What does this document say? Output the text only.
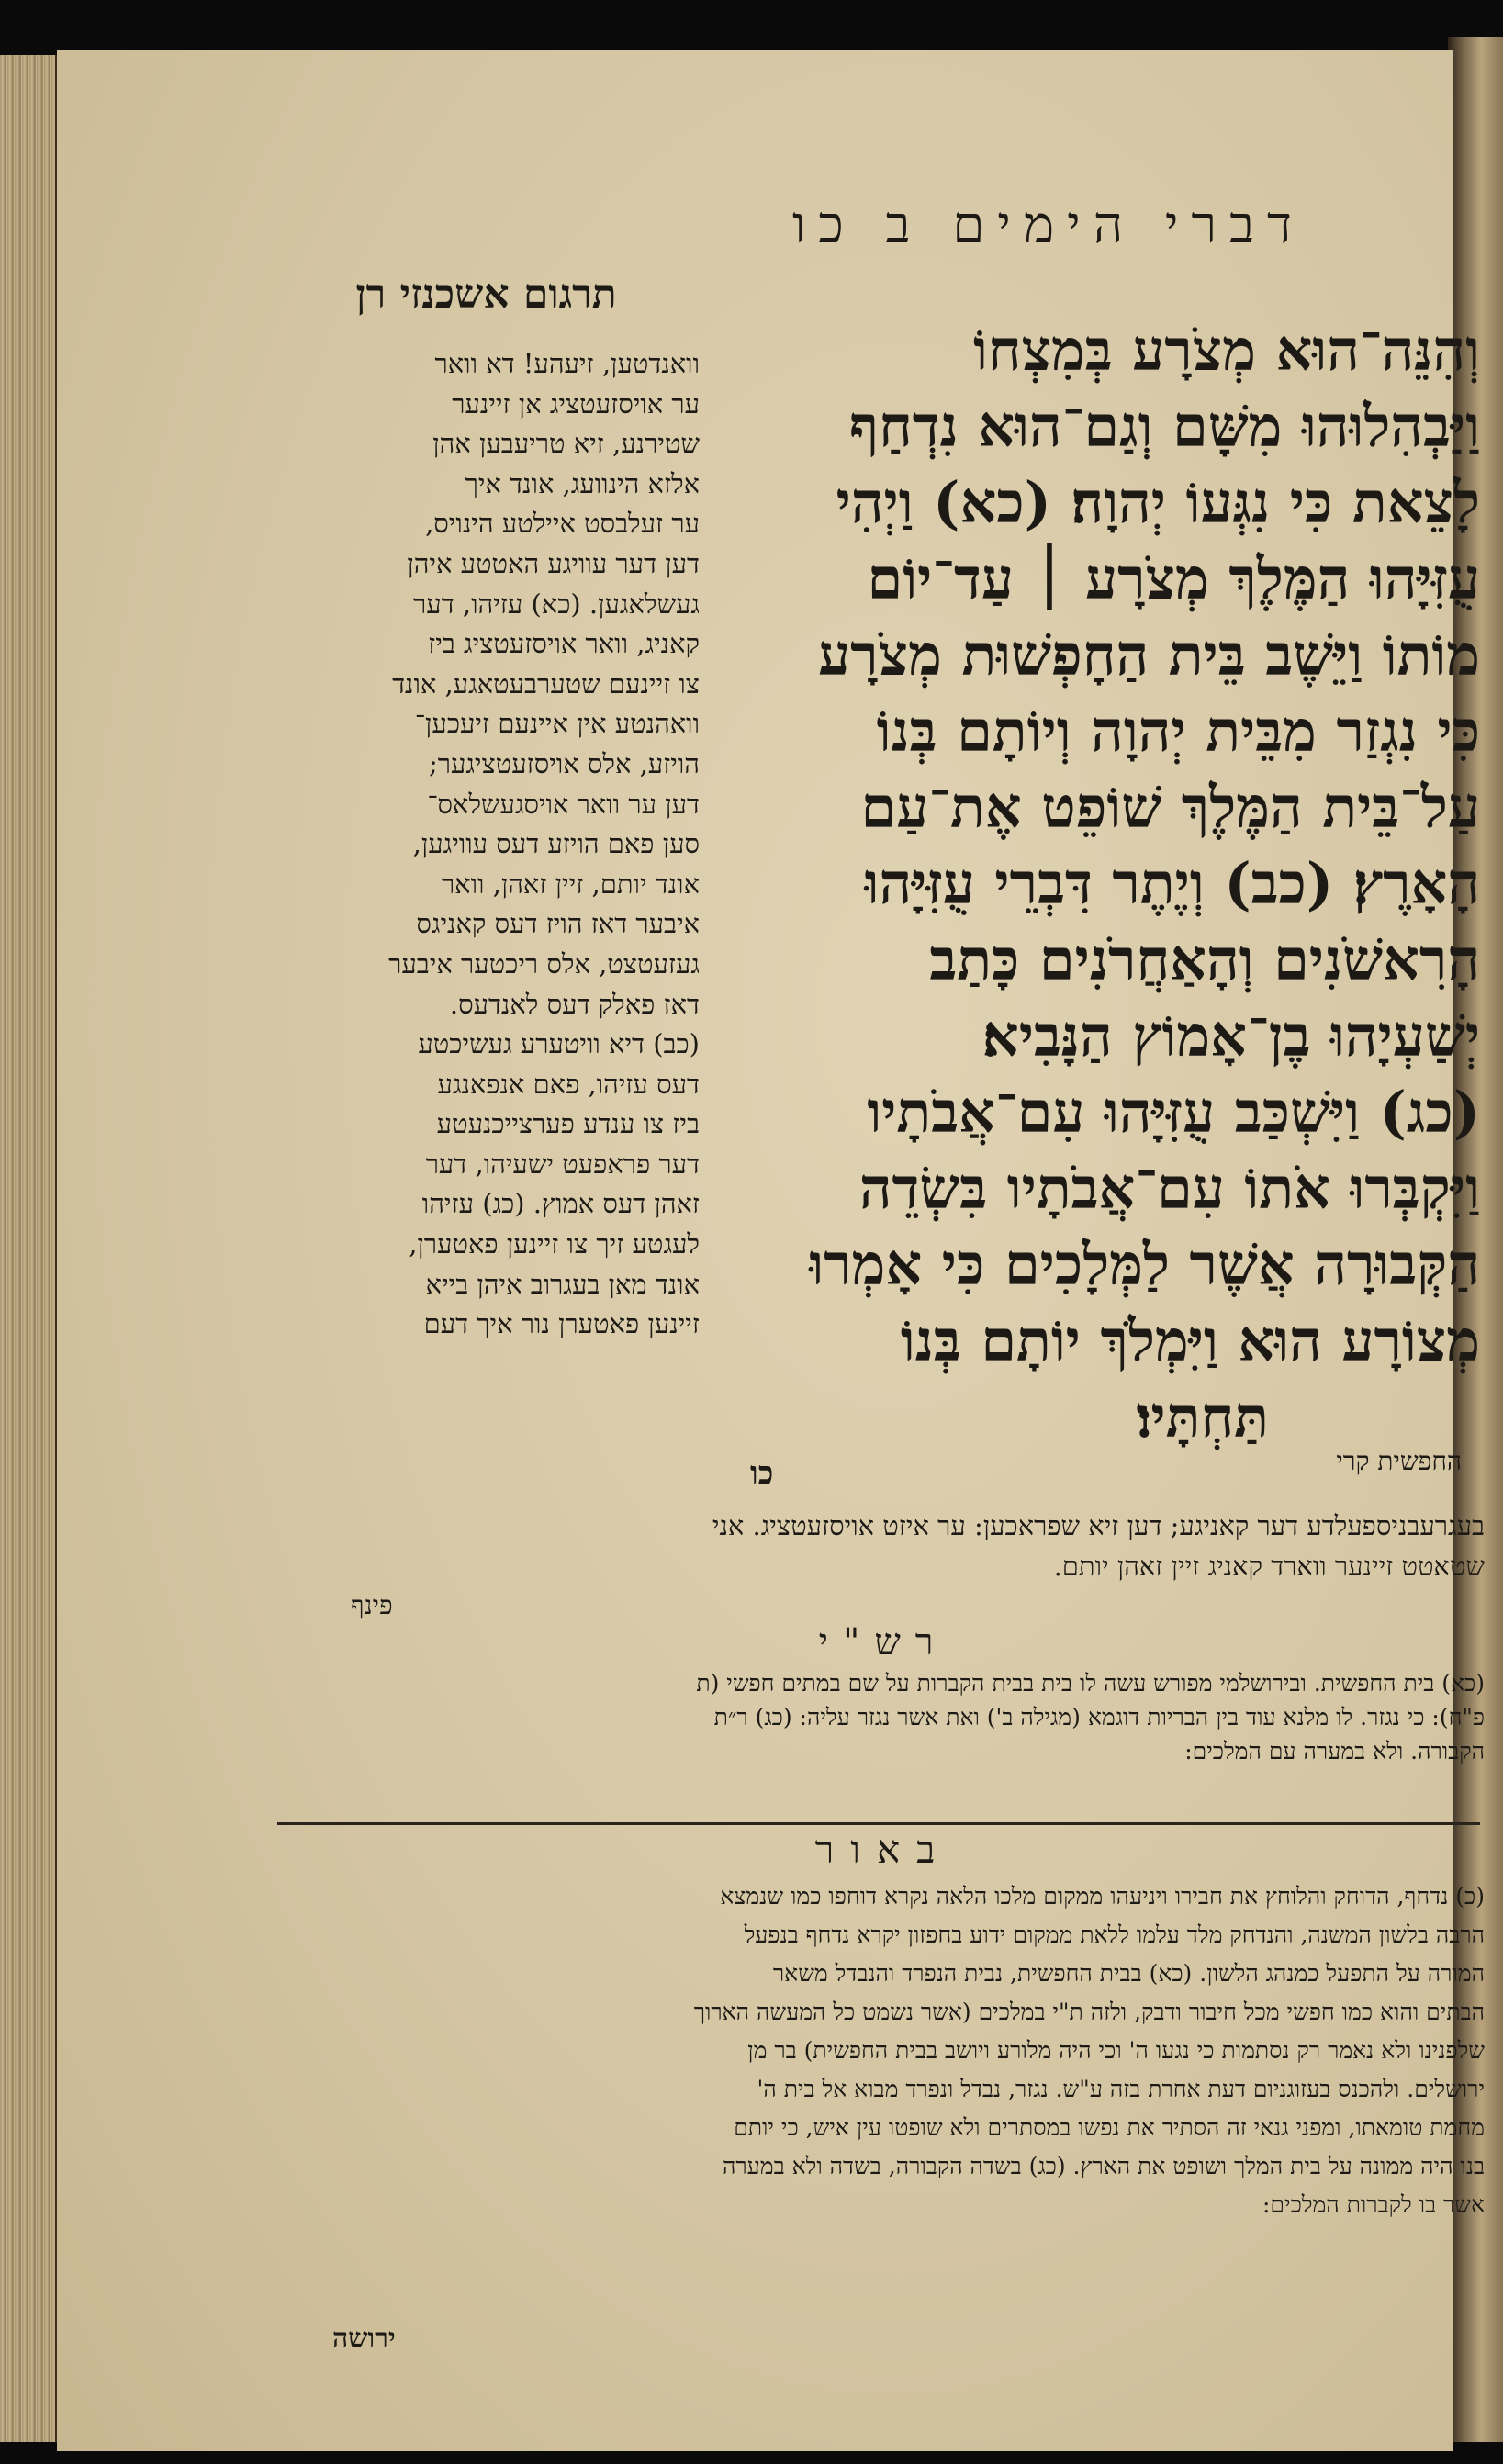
דברי הימים ב כו
תרגום אשכנזי רן
וְהִנֵּה־הוּא מְצֹרָע בְּמִצְחוֹ
וַיַּבְהִלוּהוּ מִשָּׁם וְגַם־הוּא נִדְחַף
לָצֵאת כִּי נִגְּעוֹ יְהוָה׃ (כא) וַיְהִי
עֻזִּיָּהוּ הַמֶּלֶךְ מְצֹרָע ׀ עַד־יוֹם
מוֹתוֹ וַיֵּשֶׁב בֵּית הַחָפְשׁוּת מְצֹרָע
כִּי נִגְזַר מִבֵּית יְהוָה וְיוֹתָם בְּנוֹ
עַל־בֵּית הַמֶּלֶךְ שׁוֹפֵט אֶת־עַם
הָאָרֶץ׃ (כב) וְיֶתֶר דִּבְרֵי עֻזִּיָּהוּ
הָרִאשֹׁנִים וְהָאַחֲרֹנִים כָּתַב
יְשַׁעְיָהוּ בֶן־אָמוֹץ הַנָּבִיא׃
(כג) וַיִּשְׁכַּב עֻזִּיָּהוּ עִם־אֲבֹתָיו
וַיִּקְבְּרוּ אֹתוֹ עִם־אֲבֹתָיו בִּשְׂדֵה
הַקְּבוּרָה אֲשֶׁר לַמְּלָכִים כִּי אָמְרוּ
מְצוֹרָע הוּא וַיִּמְלֹךְ יוֹתָם בְּנוֹ
תַּחְתָּיו׃
וואנדטען, זיעהע! דא וואר
ער אויסזעטציג אן זיינער
שטירנע, זיא טריעבען אהן
אלזא הינוועג, אונד איך
ער זעלבסט איילטע הינויס,
דען דער עוויגע האטטע איהן
געשלאגען. (כא) עזיהו, דער
קאניג, וואר אויסזעטציג ביז
צו זיינעם שטערבעטאגע, אונד
וואהנטע אין איינעם זיעכען־
הויזע, אלס אויסזעטציגער;
דען ער וואר אויסגעשלאס־
סען פאם הויזע דעס עוויגען,
אונד יותם, זיין זאהן, וואר
איבער דאז הויז דעס קאניגס
געזעטצט, אלס ריכטער איבער
דאז פאלק דעס לאנדעס.
(כב) דיא וויטערע געשיכטע
דעס עזיהו, פאם אנפאנגע
ביז צו ענדע פערצייכנעטע
דער פראפעט ישעיהו, דער
זאהן דעס אמוץ. (כג) עזיהו
לעגטע זיך צו זיינען פאטערן,
אונד מאן בעגרוב איהן בייא
זיינען פאטערן נור איך דעם
החפשית קרי
כו
בעגרעבניספעלדע דער קאניגע; דען זיא שפראכען: ער איזט אויסזעטציג. אני
שטאטט זיינער ווארד קאניג זיין זאהן יותם.
פינף
רש"י
(כא) בית החפשית. ובירושלמי מפורש עשה לו בית בבית הקברות על שם במתים חפשי (ת
פ"ח): כי נגזר. לו מלנא עוד בין הבריות דוגמא (מגילה ב') ואת אשר נגזר עליה: (כג) ר״ת
הקבורה. ולא במערה עם המלכים:
באור
(כ) נדחף, הדוחק והלוחץ את חבירו ויניעהו ממקום מלכו הלאה נקרא דוחפו כמו שנמצא
הרבה בלשון המשנה, והנדחק מלד עלמו ללאת ממקום ידוע בחפזון יקרא נדחף בנפעל
המורה על התפעל כמנהג הלשון. (כא) בבית החפשית, נבית הנפרד והנבדל משאר
הבתים והוא כמו חפשי מכל חיבור ודבק, ולזה ת"י במלכים (אשר נשמט כל המעשה הארוך
שלפנינו ולא נאמר רק נסתמות כי נגעו ה' וכי היה מלורע ויושב בבית החפשית) בר מן
ירושלים. ולהכנס בעזוגניום דעת אחרת בזה ע"ש. נגזר, נבדל ונפרד מבוא אל בית ה'
מחמת טומאתו, ומפני גנאי זה הסתיר את נפשו במסתרים ולא שופטו עין איש, כי יותם
בנו היה ממונה על בית המלך ושופט את הארץ. (כג) בשדה הקבורה, בשדה ולא במערה
אשר בו לקברות המלכים:
ירושה
